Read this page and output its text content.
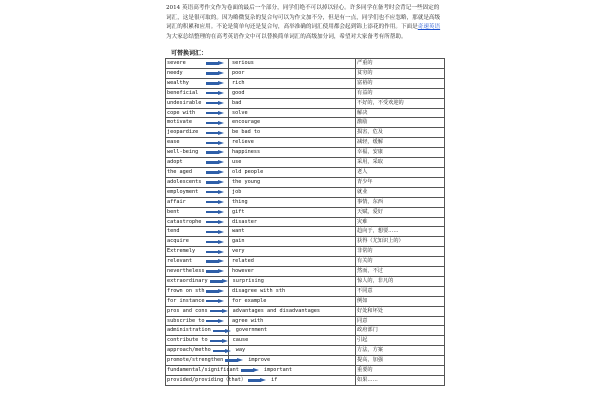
2014 英语高考作文作为卷面的最后一个部分，同学们绝不可以掉以轻心。许多同学在备考时会背记一些固定的词汇，这是很可取的。因为略微复杂的复合句可以为作文加不分，但是有一点，同学们也不应忽略，那就是高级词汇的积累和应用。不论是简单句还是复合句，高举准确的词汇使用都会起到锦上添花的作用。下面是奇速英语为大家总结整理的在高考英语作文中可以替换简单词汇的高级加分词，希望对大家备考有所帮助。
可替换词汇：
severe	serious	严重的

needy	poor	贫穷的

wealthy	rich	富裕的

beneficial	good	有益的

undesirable	bad	不好的，不受欢迎的

cope with	solve	解决

motivate	encourage	激励

jeopardize	be bad to	损害，危及

ease	relieve	减轻，缓解

well-being	happiness	幸福，安康

adopt	use	采用，采取

the aged	old people	老人

adolescents	the young	青少年

employment	job	就业

affair	thing	事情，东西

bent	gift	天赋，爱好

catastrophe	disaster	灾难

tend	want	趋向于，想要……

acquire	gain	获得（尤知识上的）

Extremely	very	非常的

relevant	related	有关的

nevertheless	however	然而，不过

extraordinary	surprising	惊人的，非凡的

frown on sth	disagree with sth	不同意

for instance	for example	例如

pros and cons	advantages and disadvantages	好处和坏处

subscribe to	agree with	同意

administration	government	政府部门

contribute to	cause	引起

approach/metho	way	方法，方案

promote/strengthen	improve	提高，加强

fundamental/significant	important	重要的

provided/providing（that）	if	如果……
